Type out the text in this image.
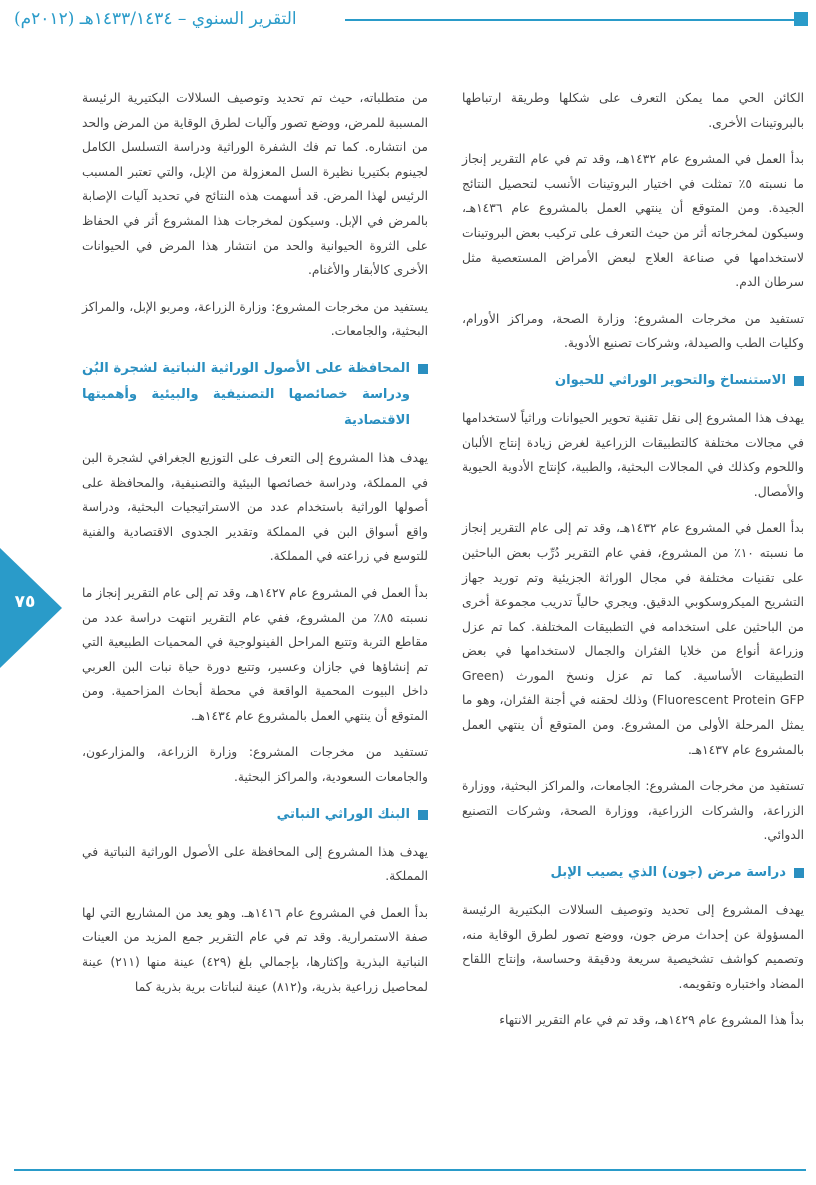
التقرير السنوي – ١٤٣٣/١٤٣٤هـ (٢٠١٢م)

الكائن الحي مما يمكن التعرف على شكلها وطريقة ارتباطها بالبروتينات الأخرى.

بدأ العمل في المشروع عام ١٤٣٢هـ، وقد تم في عام التقرير إنجاز ما نسبته ٥٪ تمثلت في اختيار البروتينات الأنسب لتحصيل النتائج الجيدة. ومن المتوقع أن ينتهي العمل بالمشروع عام ١٤٣٦هـ، وسيكون لمخرجاته أثر من حيث التعرف على تركيب بعض البروتينات لاستخدامها في صناعة العلاج لبعض الأمراض المستعصية مثل سرطان الدم.

تستفيد من مخرجات المشروع: وزارة الصحة، ومراكز الأورام، وكليات الطب والصيدلة، وشركات تصنيع الأدوية.

الاستنساخ والتحوير الوراثي للحيوان

يهدف هذا المشروع إلى نقل تقنية تحوير الحيوانات وراثياً لاستخدامها في مجالات مختلفة كالتطبيقات الزراعية لغرض زيادة إنتاج الألبان واللحوم وكذلك في المجالات البحثية، والطبية، كإنتاج الأدوية الحيوية والأمصال.

بدأ العمل في المشروع عام ١٤٣٢هـ، وقد تم إلى عام التقرير إنجاز ما نسبته ١٠٪ من المشروع، ففي عام التقرير دُرِّب بعض الباحثين على تقنيات مختلفة في مجال الوراثة الجزيئية وتم توريد جهاز التشريح الميكروسكوبي الدقيق. ويجري حالياً تدريب مجموعة أخرى من الباحثين على استخدامه في التطبيقات المختلفة. كما تم عزل وزراعة أنواع من خلايا الفئران والجمال لاستخدامها في بعض التطبيقات الأساسية. كما تم عزل ونسخ المورث (Green Fluorescent Protein GFP) وذلك لحقنه في أجنة الفئران، وهو ما يمثل المرحلة الأولى من المشروع. ومن المتوقع أن ينتهي العمل بالمشروع عام ١٤٣٧هـ.

تستفيد من مخرجات المشروع: الجامعات، والمراكز البحثية، ووزارة الزراعة، والشركات الزراعية، ووزارة الصحة، وشركات التصنيع الدوائي.

دراسة مرض (جون) الذي يصيب الإبل

يهدف المشروع إلى تحديد وتوصيف السلالات البكتيرية الرئيسة المسؤولة عن إحداث مرض جون، ووضع تصور لطرق الوقاية منه، وتصميم كواشف تشخيصية سريعة ودقيقة وحساسة، وإنتاج اللقاح المضاد واختباره وتقويمه.

بدأ هذا المشروع عام ١٤٢٩هـ، وقد تم في عام التقرير الانتهاء

من متطلباته، حيث تم تحديد وتوصيف السلالات البكتيرية الرئيسة المسببة للمرض، ووضع تصور وآليات لطرق الوقاية من المرض والحد من انتشاره. كما تم فك الشفرة الوراثية ودراسة التسلسل الكامل لجينوم بكتيريا نظيرة السل المعزولة من الإبل، والتي تعتبر المسبب الرئيس لهذا المرض. قد أسهمت هذه النتائج في تحديد آليات الإصابة بالمرض في الإبل. وسيكون لمخرجات هذا المشروع أثر في الحفاظ على الثروة الحيوانية والحد من انتشار هذا المرض في الحيوانات الأخرى كالأبقار والأغنام.

يستفيد من مخرجات المشروع: وزارة الزراعة، ومربو الإبل، والمراكز البحثية، والجامعات.

المحافظة على الأصول الوراثية النباتية لشجرة البُن ودراسة خصائصها التصنيفية والبيئية وأهميتها الاقتصادية

يهدف هذا المشروع إلى التعرف على التوزيع الجغرافي لشجرة البن في المملكة، ودراسة خصائصها البيئية والتصنيفية، والمحافظة على أصولها الوراثية باستخدام عدد من الاستراتيجيات البحثية، ودراسة واقع أسواق البن في المملكة وتقدير الجدوى الاقتصادية والفنية للتوسع في زراعته في المملكة.

بدأ العمل في المشروع عام ١٤٢٧هـ، وقد تم إلى عام التقرير إنجاز ما نسبته ٨٥٪ من المشروع، ففي عام التقرير انتهت دراسة عدد من مقاطع التربة وتتبع المراحل الفينولوجية في المحميات الطبيعية التي تم إنشاؤها في جازان وعسير، وتتبع دورة حياة نبات البن العربي داخل البيوت المحمية الواقعة في محطة أبحاث المزاحمية. ومن المتوقع أن ينتهي العمل بالمشروع عام ١٤٣٤هـ.

تستفيد من مخرجات المشروع: وزارة الزراعة، والمزارعون، والجامعات السعودية، والمراكز البحثية.

البنك الوراثي النباتي

يهدف هذا المشروع إلى المحافظة على الأصول الوراثية النباتية في المملكة.

بدأ العمل في المشروع عام ١٤١٦هـ. وهو يعد من المشاريع التي لها صفة الاستمرارية. وقد تم في عام التقرير جمع المزيد من العينات النباتية البذرية وإكثارها، بإجمالي بلغ (٤٢٩) عينة منها (٢١١) عينة لمحاصيل زراعية بذرية، و(٨١٢) عينة لنباتات برية بذرية كما

٧٥
